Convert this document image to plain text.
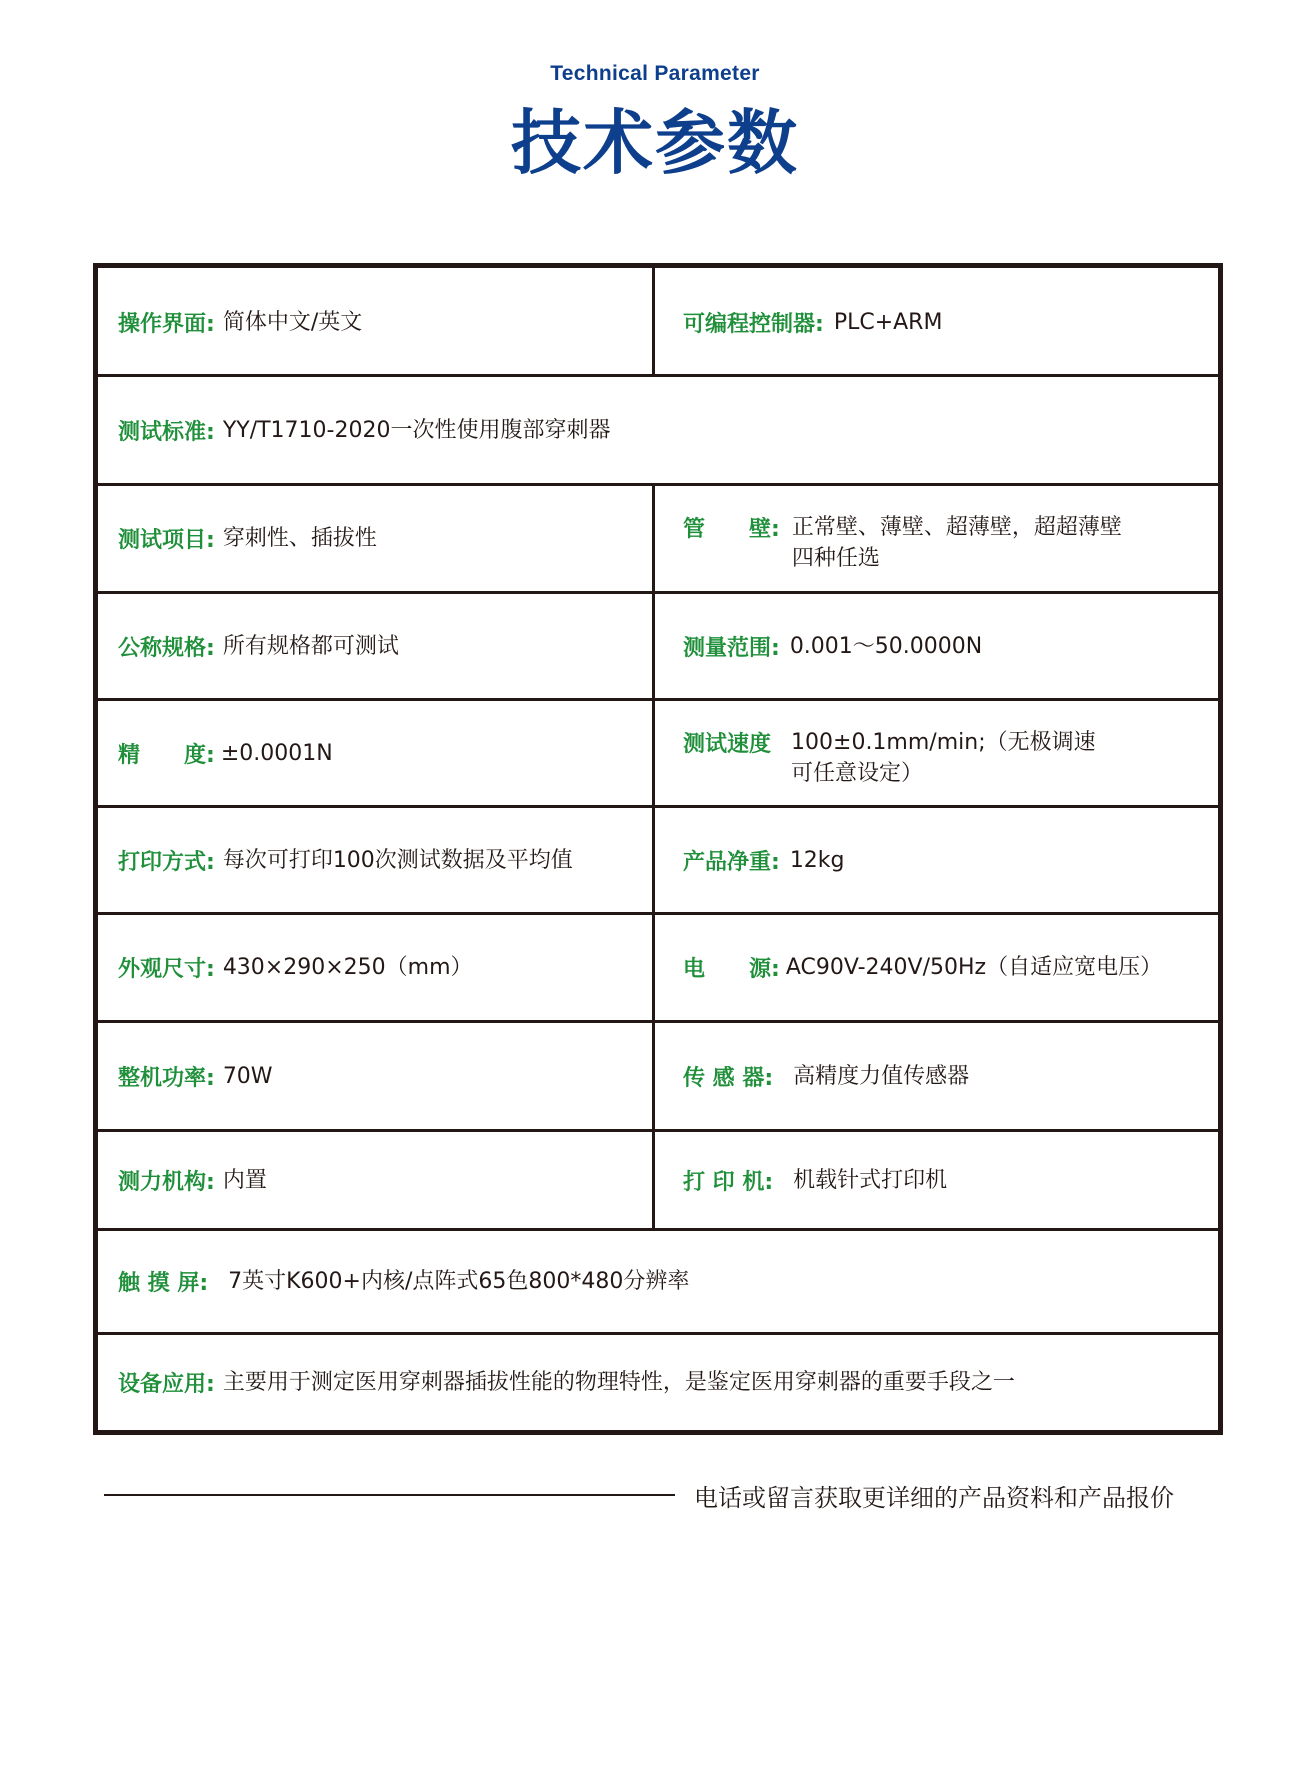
Technical Parameter
技术参数
操作界面: 简体中文/英文	可编程控制器: PLC+ARM
测试标准: YY/T1710-2020一次性使用腹部穿刺器
测试项目: 穿刺性、插拔性	管　　壁: 正常壁、薄壁、超薄壁，超超薄壁
四种任选
公称规格: 所有规格都可测试	测量范围: 0.001～50.0000N
精　　度: ±0.0001N	测试速度 100±0.1mm/min;（无极调速
可任意设定）
打印方式: 每次可打印100次测试数据及平均值	产品净重: 12kg
外观尺寸: 430×290×250（mm）	电　　源: AC90V-240V/50Hz（自适应宽电压）
整机功率: 70W	传 感 器: 高精度力值传感器
测力机构: 内置	打 印 机: 机载针式打印机
触 摸 屏: 7英寸K600+内核/点阵式65色800*480分辨率
设备应用: 主要用于测定医用穿刺器插拔性能的物理特性，是鉴定医用穿刺器的重要手段之一
电话或留言获取更详细的产品资料和产品报价
